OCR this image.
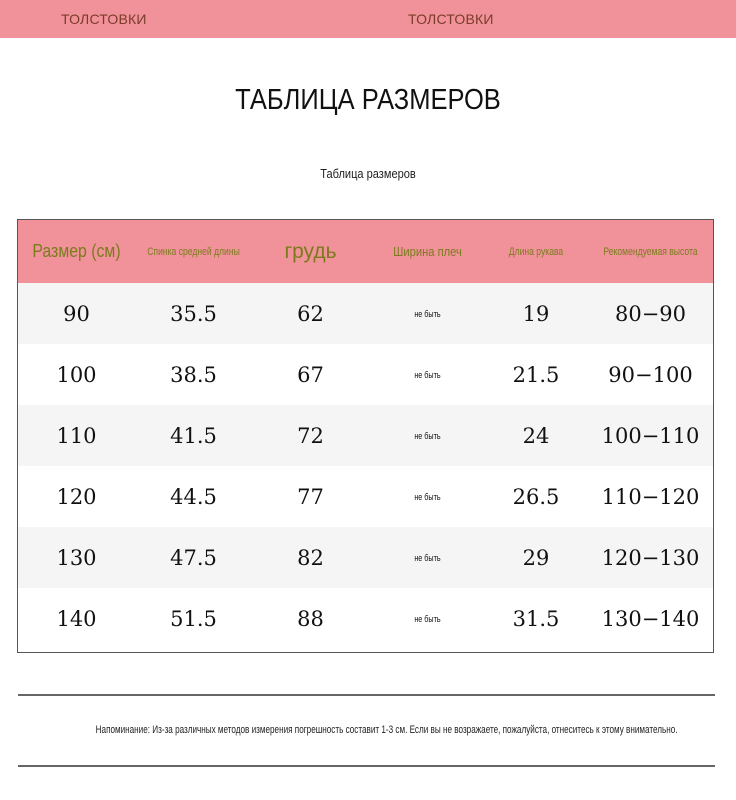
ТОЛСТОВКИ	ТОЛСТОВКИ
ТАБЛИЦА РАЗМЕРОВ
Таблица размеров
Размер (см)	Спинка средней длины	грудь	Ширина плеч	Длина рукава	Рекомендуемая высота
90	35.5	62	не быть	19	80−90
100	38.5	67	не быть	21.5	90−100
110	41.5	72	не быть	24	100−110
120	44.5	77	не быть	26.5	110−120
130	47.5	82	не быть	29	120−130
140	51.5	88	не быть	31.5	130−140
Напоминание: Из-за различных методов измерения погрешность составит 1-3 см. Если вы не возражаете, пожалуйста, отнеситесь к этому внимательно.
